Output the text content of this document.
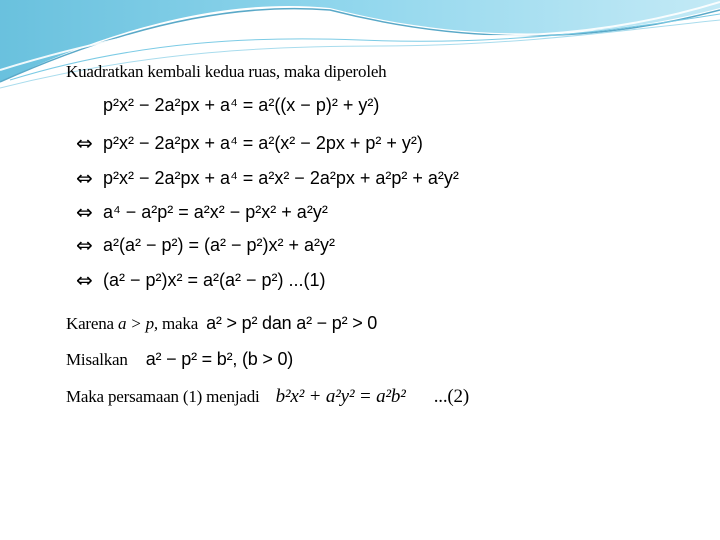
Kuadratkan kembali kedua ruas, maka diperoleh
p²x² − 2a²px + a⁴ = a²((x − p)² + y²)
⇔ p²x² − 2a²px + a⁴ = a²(x² − 2px + p² + y²)
⇔ p²x² − 2a²px + a⁴ = a²x² − 2a²px + a²p² + a²y²
⇔ a⁴ − a²p² = a²x² − p²x² + a²y²
⇔ a²(a² − p²) = (a² − p²)x² + a²y²
⇔ (a² − p²)x² = a²(a² − p²) ...(1)
Karena a > p, maka a² > p² dan a² − p² > 0
Misalkan a² − p² = b², (b > 0)
Maka persamaan (1) menjadi b²x² + a²y² = a²b² ...(2)
